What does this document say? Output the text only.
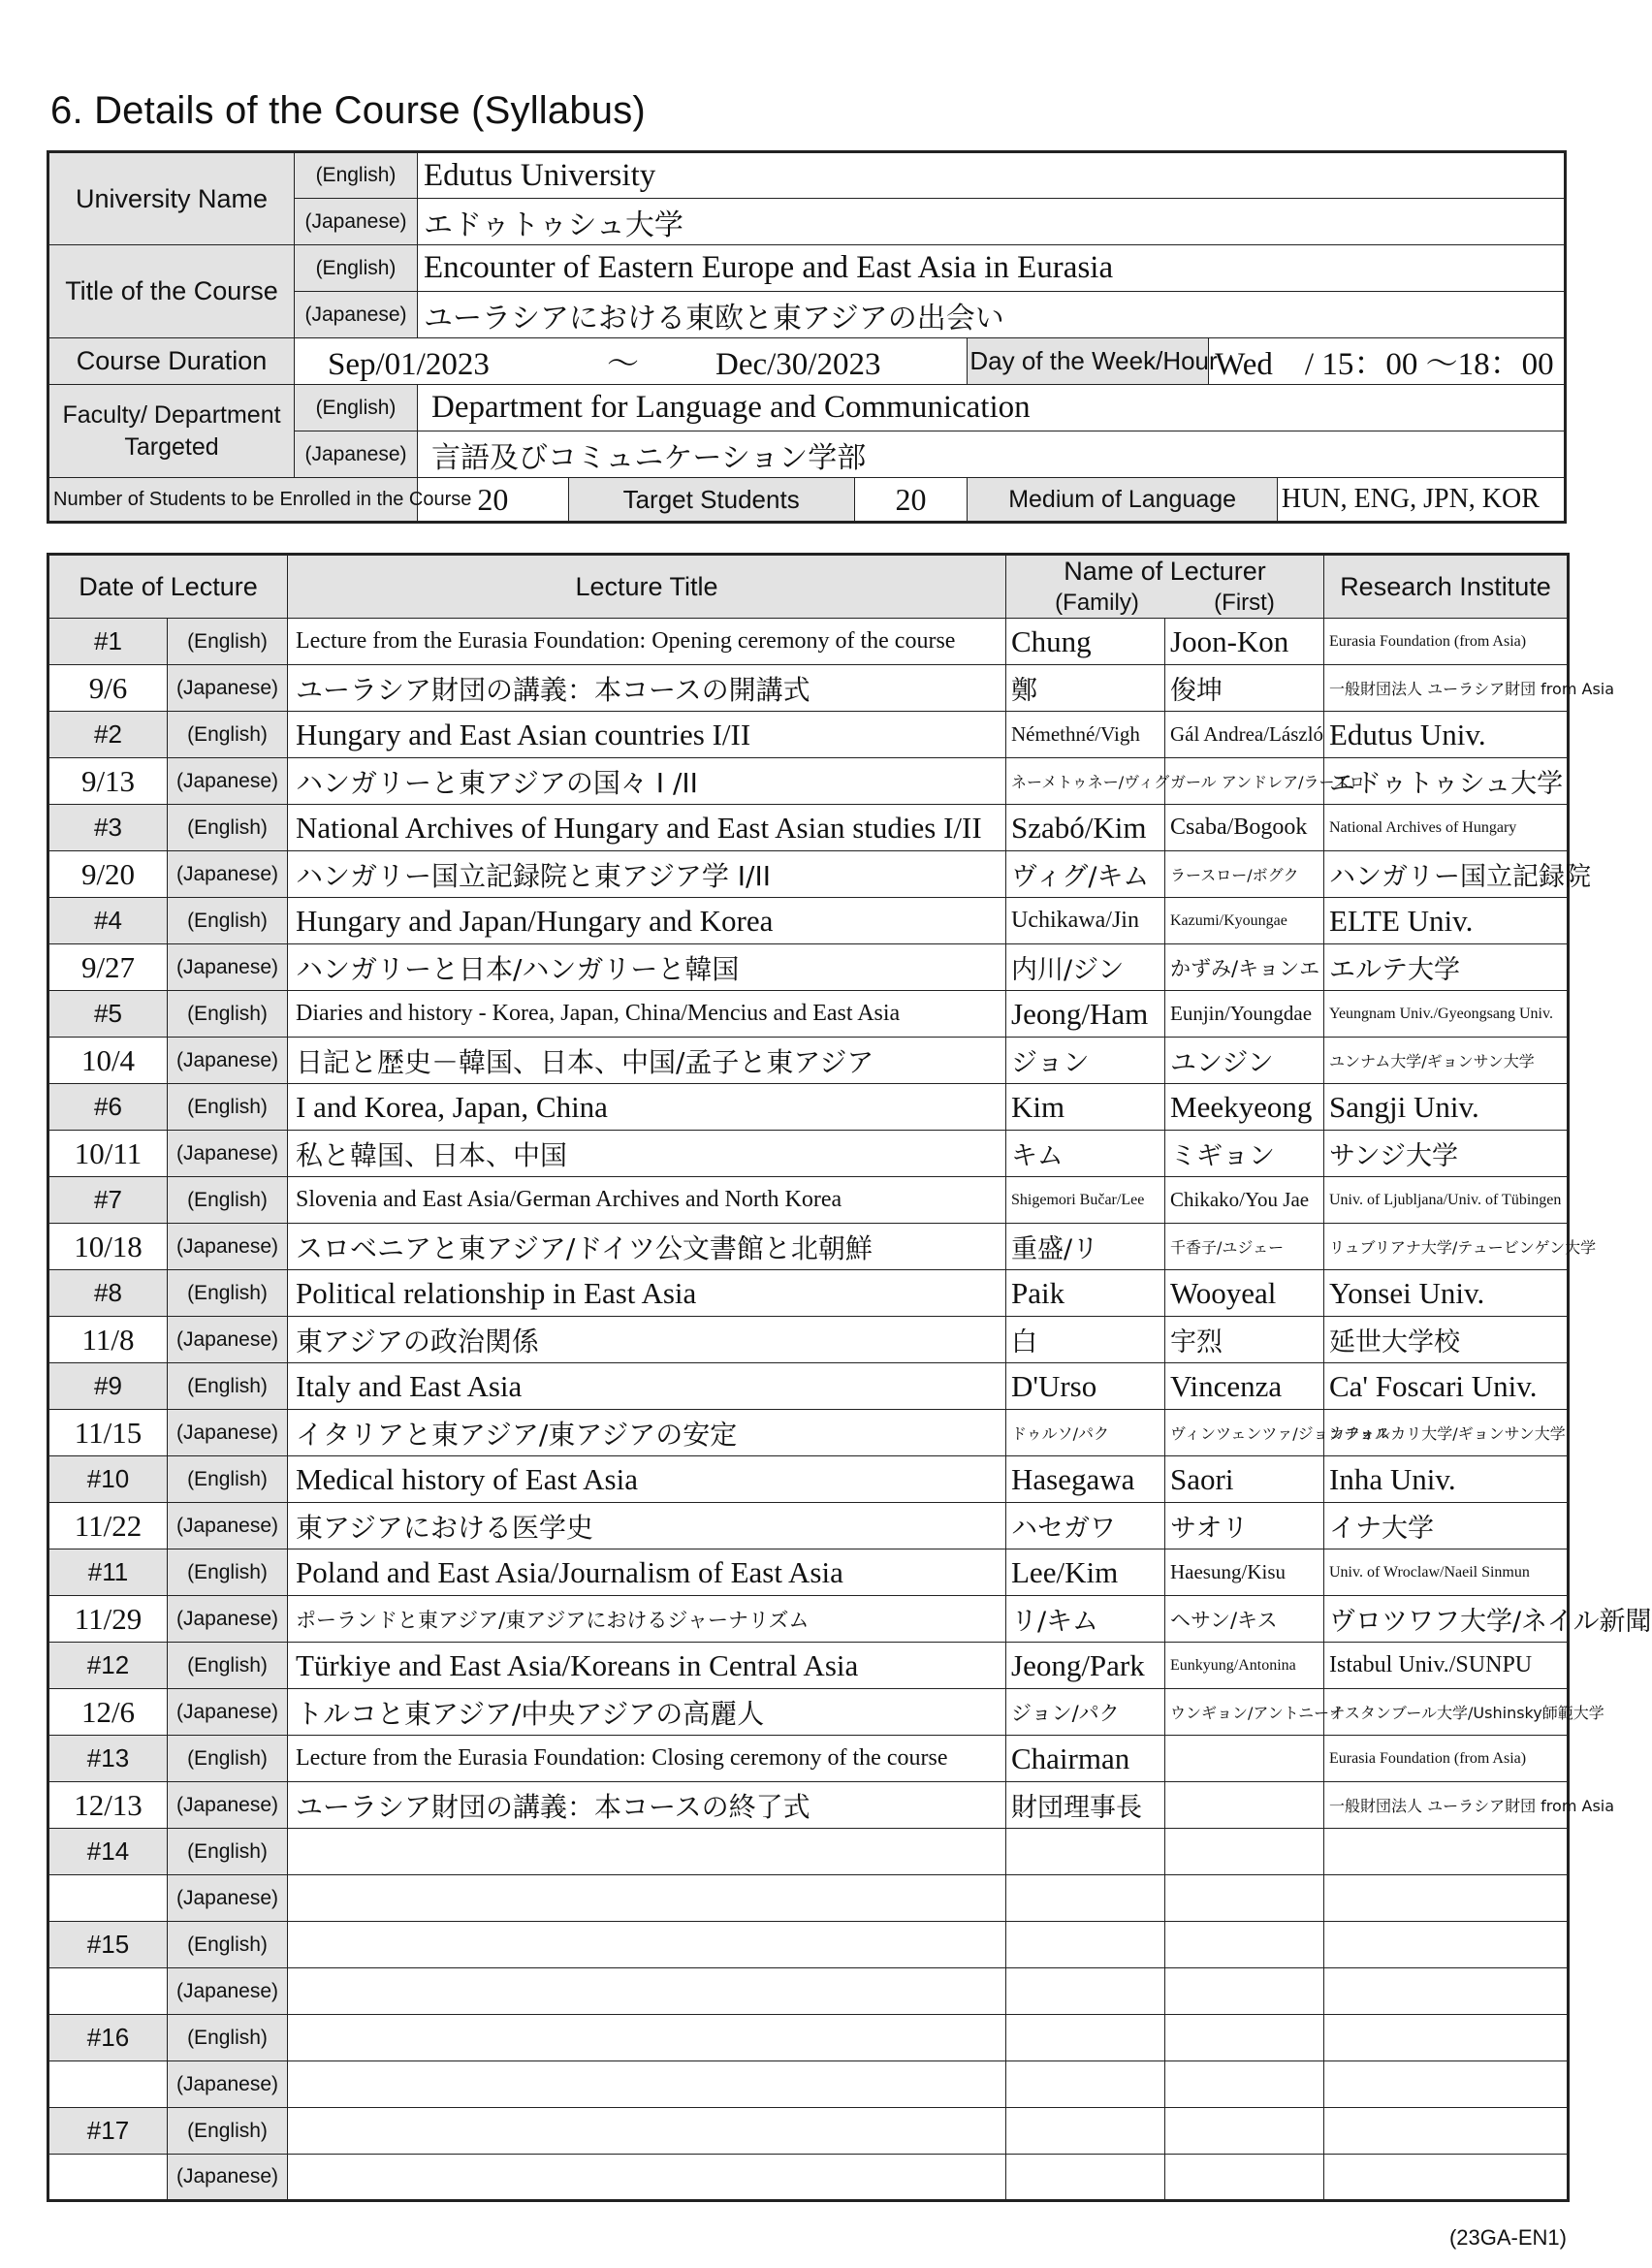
6. Details of the Course (Syllabus)
University Name	(English)	Edutus University					
	(Japanese)	エドゥトゥシュ大学					
Title of the Course	(English)	Encounter of Eastern Europe and East Asia in Eurasia					
	(Japanese)	ユーラシアにおける東欧と東アジアの出会い					
Course Duration	Sep/01/2023 ～ Dec/30/2023				Day of the Week/Hour	Wed　/ 15：00 ～18：00	
Faculty/ Department Targeted	(English)	Department for Language and Communication					
	(Japanese)	言語及びコミュニケーション学部					
Number of Students to be Enrolled in the Course		20	Target Students	20	Medium of Language		HUN, ENG, JPN, KOR
Date of Lecture		Lecture Title	Name of Lecturer
(Family) (First)		Research Institute
#1	(English)	Lecture from the Eurasia Foundation: Opening ceremony of the course	Chung	Joon-Kon	Eurasia Foundation (from Asia)
9/6	(Japanese)	ユーラシア財団の講義：本コースの開講式	鄭	俊坤	一般財団法人 ユーラシア財団 from Asia
#2	(English)	Hungary and East Asian countries I/II	Némethné/Vigh	Gál Andrea/László	Edutus Univ.
9/13	(Japanese)	ハンガリーと東アジアの国々 I /II	ネーメトゥネー/ヴィグ	ガール アンドレア/ラースロ	エドゥトゥシュ大学
#3	(English)	National Archives of Hungary and East Asian studies I/II	Szabó/Kim	Csaba/Bogook	National Archives of Hungary
9/20	(Japanese)	ハンガリー国立記録院と東アジア学 I/II	ヴィグ/キム	ラースロー/ボグク	ハンガリー国立記録院
#4	(English)	Hungary and Japan/Hungary and Korea	Uchikawa/Jin	Kazumi/Kyoungae	ELTE Univ.
9/27	(Japanese)	ハンガリーと日本/ハンガリーと韓国	内川/ジン	かずみ/キョンエ	エルテ大学
#5	(English)	Diaries and history - Korea, Japan, China/Mencius and East Asia	Jeong/Ham	Eunjin/Youngdae	Yeungnam Univ./Gyeongsang Univ.
10/4	(Japanese)	日記と歴史－韓国、日本、中国/孟子と東アジア	ジョン	ユンジン	ユンナム大学/ギョンサン大学
#6	(English)	I and Korea, Japan, China	Kim	Meekyeong	Sangji Univ.
10/11	(Japanese)	私と韓国、日本、中国	キム	ミギョン	サンジ大学
#7	(English)	Slovenia and East Asia/German Archives and North Korea	Shigemori Bučar/Lee	Chikako/You Jae	Univ. of Ljubljana/Univ. of Tübingen
10/18	(Japanese)	スロベニアと東アジア/ドイツ公文書館と北朝鮮	重盛/リ	千香子/ユジェー	リュブリアナ大学/テュービンゲン大学
#8	(English)	Political relationship in East Asia	Paik	Wooyeal	Yonsei Univ.
11/8	(Japanese)	東アジアの政治関係	白	宇烈	延世大学校
#9	(English)	Italy and East Asia	D'Urso	Vincenza	Ca' Foscari Univ.
11/15	(Japanese)	イタリアと東アジア/東アジアの安定	ドゥルソ/パク	ヴィンツェンツァ/ジョンチョル	カフォスカリ大学/ギョンサン大学
#10	(English)	Medical history of East Asia	Hasegawa	Saori	Inha Univ.
11/22	(Japanese)	東アジアにおける医学史	ハセガワ	サオリ	イナ大学
#11	(English)	Poland and East Asia/Journalism of East Asia	Lee/Kim	Haesung/Kisu	Univ. of Wroclaw/Naeil Sinmun
11/29	(Japanese)	ポーランドと東アジア/東アジアにおけるジャーナリズム	リ/キム	ヘサン/キス	ヴロツワフ大学/ネイル新聞
#12	(English)	Türkiye and East Asia/Koreans in Central Asia	Jeong/Park	Eunkyung/Antonina	Istabul Univ./SUNPU
12/6	(Japanese)	トルコと東アジア/中央アジアの高麗人	ジョン/パク	ウンギョン/アントニーナ	イスタンブール大学/Ushinsky師範大学
#13	(English)	Lecture from the Eurasia Foundation: Closing ceremony of the course	Chairman		Eurasia Foundation (from Asia)
12/13	(Japanese)	ユーラシア財団の講義：本コースの終了式	財団理事長		一般財団法人 ユーラシア財団 from Asia
#14	(English)				
	(Japanese)				
#15	(English)				
	(Japanese)				
#16	(English)				
	(Japanese)				
#17	(English)				
	(Japanese)				
(23GA-EN1)
